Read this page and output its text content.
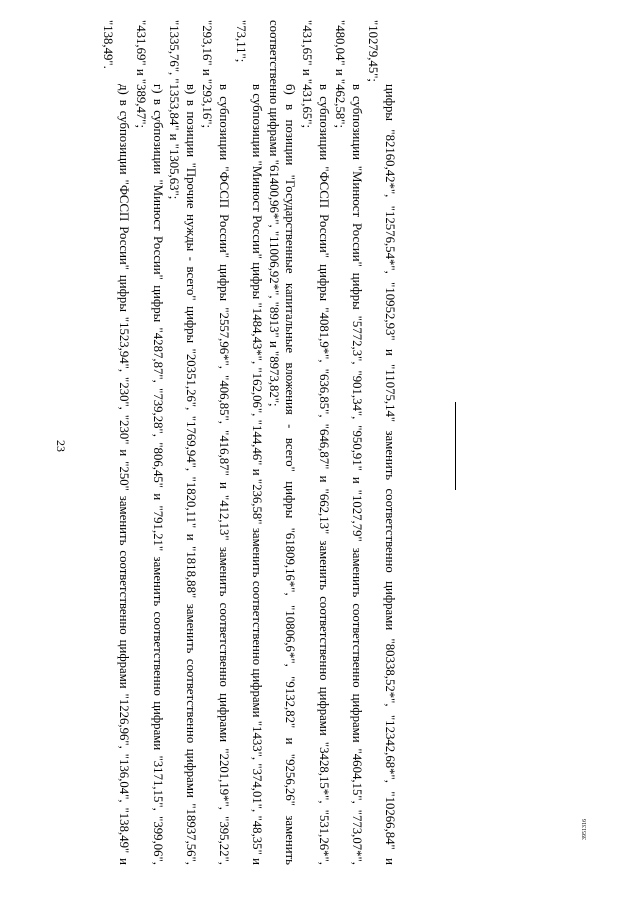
23	цифры "82160,42*", "12576,54*", "10952,93" и "11075,14" заменить соответственно цифрами "80338,52*", "12342,68*", "10266,84" и "10279,45";

в субпозиции "Минюст России" цифры "5772,3", "901,34", "950,91" и "1027,79" заменить соответственно цифрами "4604,15", "773,07*", "480,04" и "462,58";

в субпозиции "ФССП России" цифры "4081,9*", "636,85", "646,87" и "662,13" заменить соответственно цифрами "3428,15*", "531,26*", "431,65" и "431,65";

б) в позиции "Государственные капитальные вложения - всего" цифры "61809,16*", "10806,6*", "9132,82" и "9256,26" заменить соответственно цифрами "61400,96*", "11006,92*", "8913" и "8973,82";

в субпозиции "Минюст России" цифры "1484,43*", "162,06", "144,46" и "236,58" заменить соответственно цифрами "1433", "374,01", "48,35" и "73,11";

в субпозиции "ФССП России" цифры "2557,96*", "406,85", "416,87" и "412,13" заменить соответственно цифрами "2201,19*", "395,22", "293,16" и "293,16";

в) в позиции "Прочие нужды - всего" цифры "20351,26", "1769,94", "1820,11" и "1818,88" заменить соответственно цифрами "18937,56", "1335,76", "1353,84" и "1305,63";

г) в субпозиции "Минюст России" цифры "4287,87", "739,28", "806,45" и "791,21" заменить соответственно цифрами "3171,15", "399,06", "431,69" и "389,47";

д) в субпозиции "ФССП России" цифры "1523,94", "230", "230" и "250" заменить соответственно цифрами "1226,96", "136,04", "138,49" и "138,49".

3951316
